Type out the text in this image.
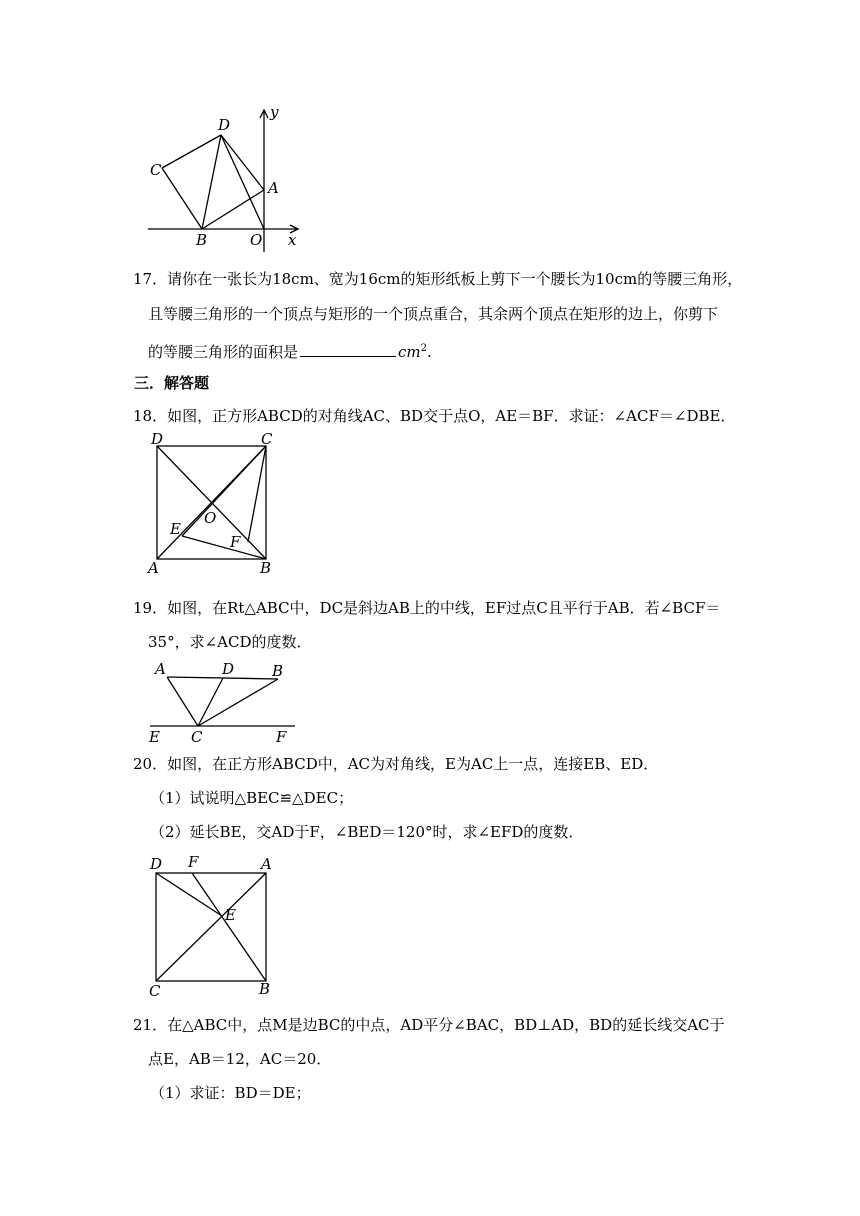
y
D
C
A
B	O x
17．请你在一张长为18cm、宽为16cm的矩形纸板上剪下一个腰长为10cm的等腰三角形，
且等腰三角形的一个顶点与矩形的一个顶点重合，其余两个顶点在矩形的边上，你剪下
的等腰三角形的面积是	$cm^2$.
三．解答题
18．如图，正方形ABCD的对角线AC、BD交于点O，AE＝BF．求证：∠ACF＝∠DBE．
D	C
O
E
F
A	B
19．如图，在Rt△ABC中，DC是斜边AB上的中线，EF过点C且平行于AB．若∠BCF＝
35°，求∠ACD的度数．
A	D	B
E C	F
20．如图，在正方形ABCD中，AC为对角线，E为AC上一点，连接EB、ED．
（1）试说明△BEC≌△DEC；
（2）延长BE，交AD于F，∠BED＝120°时，求∠EFD的度数．
D F	A
E
C	B
21．在△ABC中，点M是边BC的中点，AD平分∠BAC，BD⊥AD，BD的延长线交AC于
点E，AB＝12，AC＝20．
（1）求证：BD＝DE；
